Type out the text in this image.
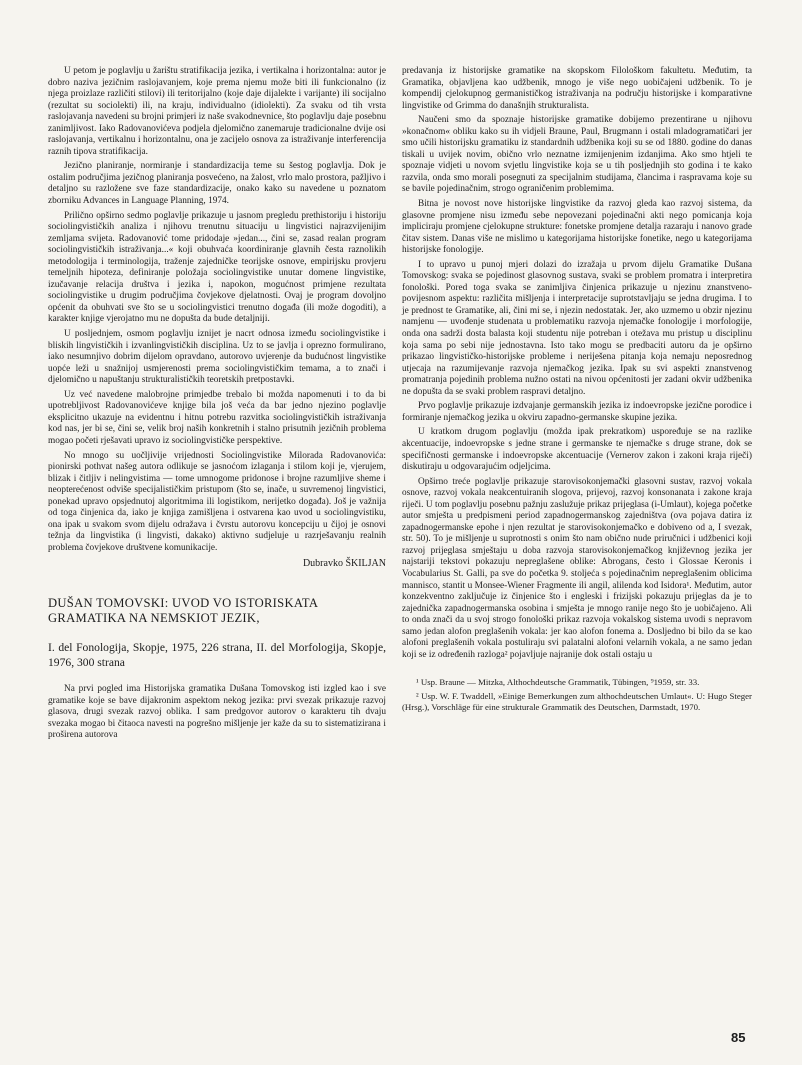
U petom je poglavlju u žarištu stratifikacija jezika, i vertikalna i horizontalna: autor je dobro naziva jezičnim raslojavanjem, koje prema njemu može biti ili funkcionalno (iz njega proizlaze različiti stilovi) ili teritorijalno (koje daje dijalekte i varijante) ili socijalno (rezultat su sociolekti) ili, na kraju, individualno (idiolekti). Za svaku od tih vrsta raslojavanja navedeni su brojni primjeri iz naše svakodnevnice, što poglavlju daje posebnu zanimljivost. Iako Radovanovićeva podjela djelomično zanemaruje tradicionalne dvije osi raslojavanja, vertikalnu i horizontalnu, ona je zacijelo osnova za istraživanje interferencija raznih tipova stratifikacija.

Jezično planiranje, normiranje i standardizacija teme su šestog poglavlja. Dok je ostalim područjima jezičnog planiranja posvećeno, na žalost, vrlo malo prostora, pažljivo i detaljno su razložene sve faze standardizacije, onako kako su navedene u poznatom zborniku Advances in Language Planning, 1974.

Prilično opširno sedmo poglavlje prikazuje u jasnom pregledu prethistoriju i historiju sociolingvističkih analiza i njihovu trenutnu situaciju u lingvistici najrazvijenijim zemljama svijeta. Radovanović tome pridodaje »jedan..., čini se, zasad realan program sociolingvističkih istraživanja...« koji obuhvaća koordiniranje glavnih česta raznolikih metodologija i terminologija, traženje zajedničke teorijske osnove, empirijsku provjeru temeljnih hipoteza, definiranje položaja sociolingvistike unutar domene lingvistike, izučavanje relacija društva i jezika i, napokon, mogućnost primjene rezultata sociolingvistike u drugim područjima čovjekove djelatnosti. Ovaj je program dovoljno općenit da obuhvati sve što se u sociolingvistici trenutno događa (ili može dogoditi), a karakter knjige vjerojatno mu ne dopušta da bude detaljniji.

U posljednjem, osmom poglavlju iznijet je nacrt odnosa između sociolingvistike i bliskih lingvističkih i izvanlingvističkih disciplina. Uz to se javlja i oprezno formulirano, iako nesumnjivo dobrim dijelom opravdano, autorovo uvjerenje da budućnost lingvistike uopće leži u snažnijoj usmjerenosti prema sociolingvističkim temama, a to znači i djelomično u napuštanju strukturalističkih teoretskih pretpostavki.

Uz već navedene malobrojne primjedbe trebalo bi možda napomenuti i to da bi upotrebljivost Radovanovićeve knjige bila još veća da bar jedno njezino poglavlje eksplicitno ukazuje na evidentnu i hitnu potrebu razvitka sociolingvističkih istraživanja kod nas, jer bi se, čini se, velik broj naših konkretnih i stalno prisutnih jezičnih problema mogao početi rješavati upravo iz sociolingvističke perspektive.

No mnogo su uočljivije vrijednosti Sociolingvistike Milorada Radovanovića: pionirski pothvat našeg autora odlikuje se jasnoćom izlaganja i stilom koji je, vjerujem, blizak i čitljiv i nelingvistima — tome umnogome pridonose i brojne razumljive sheme i neopterećenost odviše specijalističkim pristupom (što se, inače, u suvremenoj lingvistici, ponekad upravo opsjednutoj algoritmima ili logistikom, nerijetko događa). Još je važnija od toga činjenica da, iako je knjiga zamišljena i ostvarena kao uvod u sociolingvistiku, ona ipak u svakom svom dijelu odražava i čvrstu autorovu koncepciju u čijoj je osnovi težnja da lingvistika (i lingvisti, dakako) aktivno sudjeluje u razrješavanju realnih problema čovjekove društvene komunikacije.

Dubravko ŠKILJAN

DUŠAN TOMOVSKI: UVOD VO ISTORISKATA GRAMATIKA NA NEMSKIOT JEZIK,

I. del Fonologija, Skopje, 1975, 226 strana, II. del Morfologija, Skopje, 1976, 300 strana

Na prvi pogled ima Historijska gramatika Dušana Tomovskog isti izgled kao i sve gramatike koje se bave dijakronim aspektom nekog jezika: prvi svezak prikazuje razvoj glasova, drugi svezak razvoj oblika. I sam predgovor autorov o karakteru tih dvaju svezaka mogao bi čitaoca navesti na pogrešno mišljenje jer kaže da su to sistematizirana i proširena autorova

predavanja iz historijske gramatike na skopskom Filološkom fakultetu. Međutim, ta Gramatika, objavljena kao udžbenik, mnogo je više nego uobičajeni udžbenik. To je kompendij cjelokupnog germanističkog istraživanja na području historijske i komparativne lingvistike od Grimma do današnjih strukturalista.

Naučeni smo da spoznaje historijske gramatike dobijemo prezentirane u njihovu »konačnom« obliku kako su ih vidjeli Braune, Paul, Brugmann i ostali mladogramatičari jer smo učili historijsku gramatiku iz standardnih udžbenika koji su se od 1880. godine do danas tiskali u uvijek novim, obično vrlo neznatne izmijenjenim izdanjima. Ako smo htjeli te spoznaje vidjeti u novom svjetlu lingvistike koja se u tih posljednjih sto godina i te kako razvila, onda smo morali posegnuti za specijalnim studijama, člancima i raspravama koje su se bavile pojedinačnim, strogo ograničenim problemima.

Bitna je novost nove historijske lingvistike da razvoj gleda kao razvoj sistema, da glasovne promjene nisu između sebe nepovezani pojedinačni akti nego pomicanja koja impliciraju promjene cjelokupne strukture: fonetske promjene detalja razaraju i nanovo grade čitav sistem. Danas više ne mislimo u kategorijama historijske fonetike, nego u kategorijama historijske fonologije.

I to upravo u punoj mjeri dolazi do izražaja u prvom dijelu Gramatike Dušana Tomovskog: svaka se pojedinost glasovnog sustava, svaki se problem promatra i interpretira fonološki. Pored toga svaka se zanimljiva činjenica prikazuje u njezinu znanstveno-povijesnom aspektu: različita mišljenja i interpretacije suprotstavljaju se jedna drugima. I to je prednost te Gramatike, ali, čini mi se, i njezin nedostatak. Jer, ako uzmemo u obzir njezinu namjenu — uvođenje studenata u problematiku razvoja njemačke fonologije i morfologije, onda ona sadrži dosta balasta koji studentu nije potreban i otežava mu pristup u disciplinu koja sama po sebi nije jednostavna. Isto tako mogu se predbaciti autoru da je opširno prikazao lingvističko-historijske probleme i neriješena pitanja koja nemaju neposrednog utjecaja na razumijevanje razvoja njemačkog jezika. Ipak su svi aspekti znanstvenog promatranja pojedinih problema nužno ostati na nivou općenitosti jer zadani okvir udžbenika ne dopušta da se svaki problem raspravi detaljno.

Prvo poglavlje prikazuje izdvajanje germanskih jezika iz indoevropske jezične porodice i formiranje njemačkog jezika u okviru zapadno-germanske skupine jezika.

U kratkom drugom poglavlju (možda ipak prekratkom) uspoređuje se na razlike akcentuacije, indoevropske s jedne strane i germanske te njemačke s druge strane, dok se specifičnosti germanske i indoevropske akcentuacije (Vernerov zakon i zakoni kraja riječi) diskutiraju u odgovarajućim odjeljcima.

Opširno treće poglavlje prikazuje starovisokonjemački glasovni sustav, razvoj vokala osnove, razvoj vokala neakcentuiranih slogova, prijevoj, razvoj konsonanata i zakone kraja riječi. U tom poglavlju posebnu pažnju zaslužuje prikaz prijeglasa (i-Umlaut), kojega početke autor smješta u predpismeni period zapadnogermanskog zajedništva (ova pojava datira iz zapadnogermanske epohe i njen rezultat je starovisokonjemačko e dobiveno od a, I svezak, str. 50). To je mišljenje u suprotnosti s onim što nam obično nude priručnici i udžbenici koji razvoj prijeglasa smještaju u doba razvoja starovisokonjemačkog književnog jezika jer najstariji tekstovi pokazuju nepreglašene oblike: Abrogans, često i Glossae Keronis i Vocabularius St. Galli, pa sve do početka 9. stoljeća s pojedinačnim nepreglašenim oblicima mannisco, stantit u Monsee-Wiener Fragmente ili angil, alilenda kod Isidora¹. Međutim, autor konzekventno zaključuje iz činjenice što i engleski i frizijski pokazuju prijeglas da je to zajednička zapadnogermanska osobina i smješta je mnogo ranije nego što je uobičajeno. Ali to onda znači da u svoj strogo fonološki prikaz razvoja vokalskog sistema uvodi s nepravom samo jedan alofon preglašenih vokala: jer kao alofon fonema a. Dosljedno bi bilo da se kao alofoni preglašenih vokala postuliraju svi palatalni alofoni velarnih vokala, a ne samo jedan koji se iz određenih razloga² pojavljuje najranije dok ostali ostaju u

¹ Usp. Braune — Mitzka, Althochdeutsche Grammatik, Tübingen, ⁹1959, str. 33.

² Usp. W. F. Twaddell, »Einige Bemerkungen zum althochdeutschen Umlaut«. U: Hugo Steger (Hrsg.), Vorschläge für eine strukturale Grammatik des Deutschen, Darmstadt, 1970.

85
